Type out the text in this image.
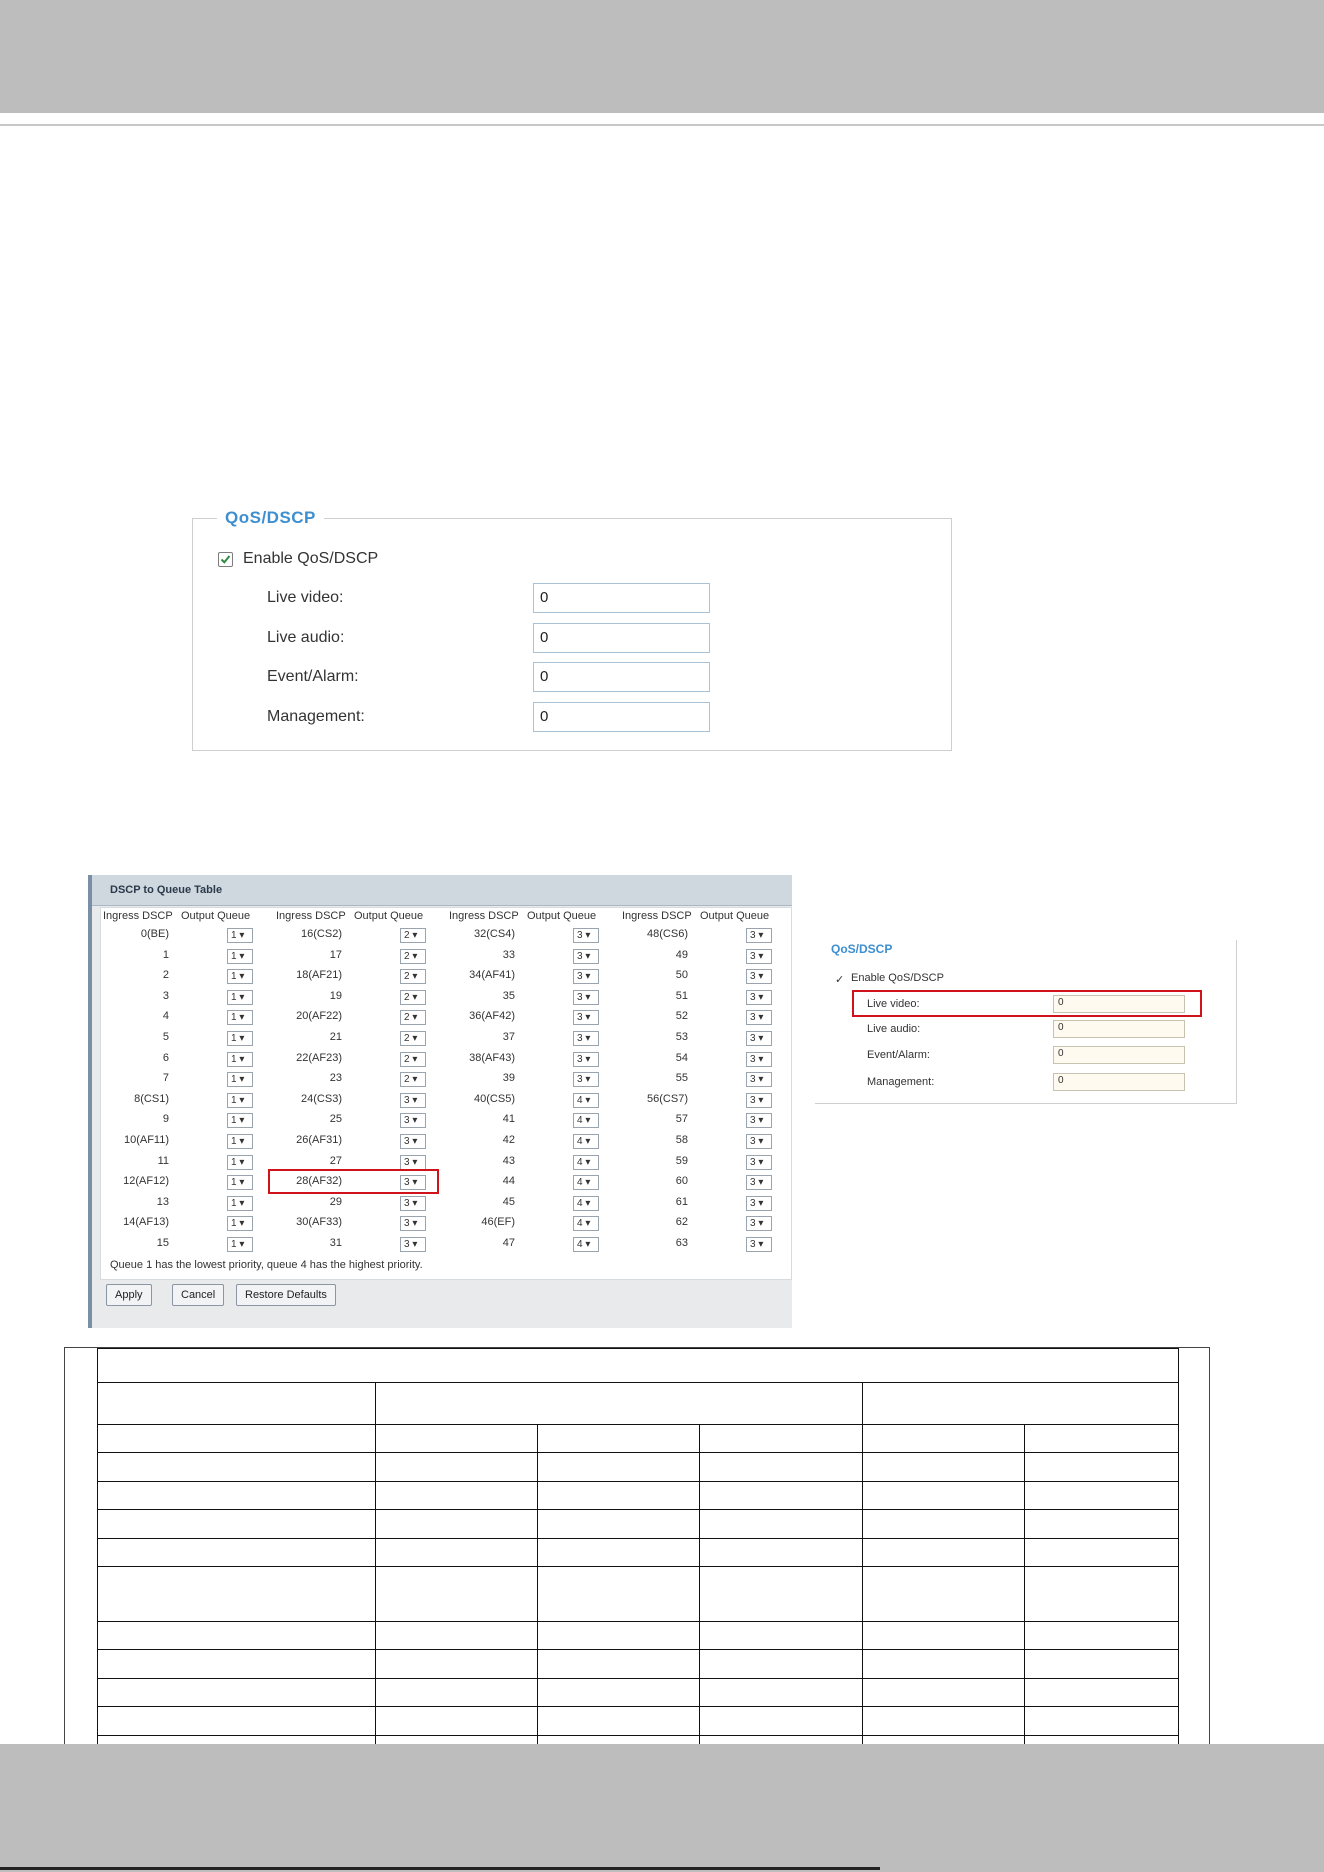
QoS/DSCP
Enable QoS/DSCP
Live video:	0
Live audio:	0
Event/Alarm:	0
Management:	0
DSCP to Queue Table
Ingress DSCP Output Queue Ingress DSCP Output Queue Ingress DSCP Output Queue Ingress DSCP Output Queue
0(BE)	1 ▾	16(CS2)	2 ▾	32(CS4)	3 ▾	48(CS6)	3 ▾
1	1 ▾	17	2 ▾	33	3 ▾	49	3 ▾
2	1 ▾	18(AF21)	2 ▾	34(AF41)	3 ▾	50	3 ▾
3	1 ▾	19	2 ▾	35	3 ▾	51	3 ▾
4	1 ▾	20(AF22)	2 ▾	36(AF42)	3 ▾	52	3 ▾
5	1 ▾	21	2 ▾	37	3 ▾	53	3 ▾
6	1 ▾	22(AF23)	2 ▾	38(AF43)	3 ▾	54	3 ▾
7	1 ▾	23	2 ▾	39	3 ▾	55	3 ▾
8(CS1)	1 ▾	24(CS3)	3 ▾	40(CS5)	4 ▾	56(CS7)	3 ▾
9	1 ▾	25	3 ▾	41	4 ▾	57	3 ▾
10(AF11)	1 ▾	26(AF31)	3 ▾	42	4 ▾	58	3 ▾
11	1 ▾	27	3 ▾	43	4 ▾	59	3 ▾
12(AF12)	1 ▾	28(AF32)	3 ▾	44	4 ▾	60	3 ▾
13	1 ▾	29	3 ▾	45	4 ▾	61	3 ▾
14(AF13)	1 ▾	30(AF33)	3 ▾	46(EF)	4 ▾	62	3 ▾
15	1 ▾	31	3 ▾	47	4 ▾	63	3 ▾
Queue 1 has the lowest priority, queue 4 has the highest priority.
Apply	Cancel	Restore Defaults
QoS/DSCP
✓ Enable QoS/DSCP
Live video:	0
Live audio:	0
Event/Alarm:	0
Management:	0
